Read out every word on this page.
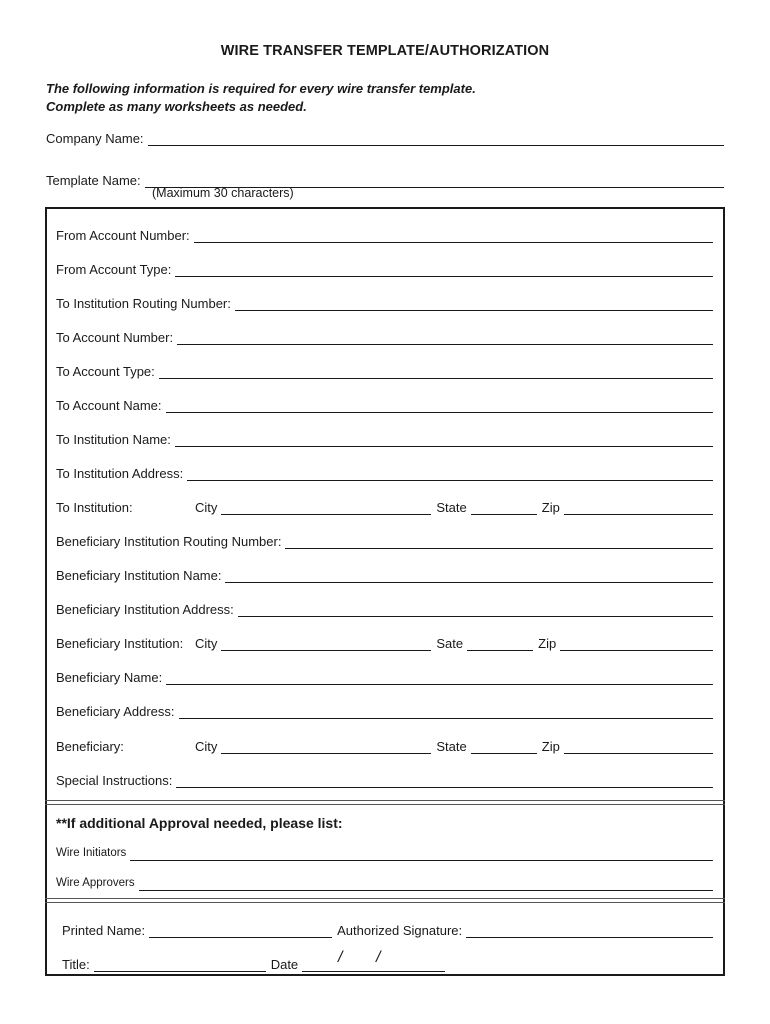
WIRE TRANSFER TEMPLATE/AUTHORIZATION
The following information is required for every wire transfer template.
Complete as many worksheets as needed.
Company Name:
Template Name:
(Maximum 30 characters)
From Account Number:
From Account Type:
To Institution Routing Number:
To Account Number:
To Account Type:
To Account Name:
To Institution Name:
To Institution Address:
To Institution:	City	State	Zip
Beneficiary Institution Routing Number:
Beneficiary Institution Name:
Beneficiary Institution Address:
Beneficiary Institution: City	Sate	Zip
Beneficiary Name:
Beneficiary Address:
Beneficiary:	City	State	Zip
Special Instructions:
**If additional Approval needed, please list:
Wire Initiators
Wire Approvers
Printed Name:	Authorized Signature:
Title:	Date / /
